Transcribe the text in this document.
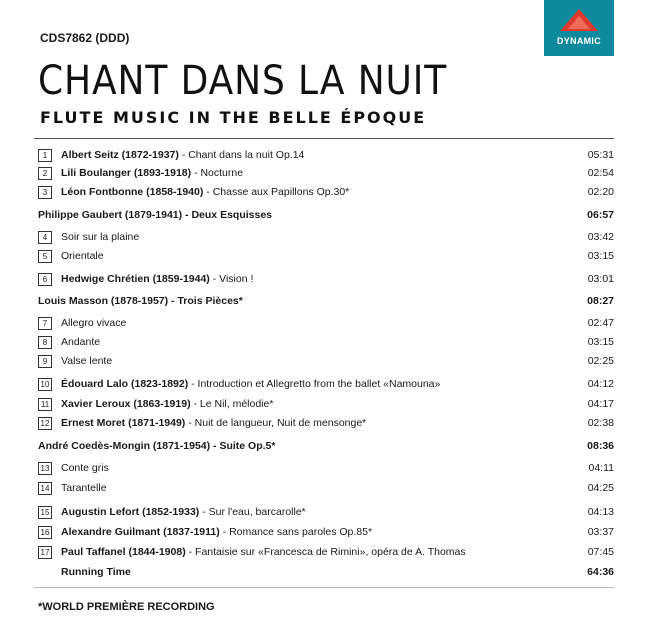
CDS7862 (DDD)	DYNAMIC
CHANT DANS LA NUIT
FLUTE MUSIC IN THE BELLE ÉPOQUE
1	Albert Seitz (1872-1937) - Chant dans la nuit Op.14	05:31
2	Lili Boulanger (1893-1918) - Nocturne	02:54
3	Léon Fontbonne (1858-1940) - Chasse aux Papillons Op.30*	02:20
Philippe Gaubert (1879-1941) - Deux Esquisses	06:57
4	Soir sur la plaine	03:42
5	Orientale	03:15
6	Hedwige Chrétien (1859-1944) - Vision !	03:01
Louis Masson (1878-1957) - Trois Pièces*	08:27
7	Allegro vivace	02:47
8	Andante	03:15
9	Valse lente	02:25
10 Édouard Lalo (1823-1892) - Introduction et Allegretto from the ballet «Namouna»	04:12
11 Xavier Leroux (1863-1919) - Le Nil, mélodie*	04:17
12 Ernest Moret (1871-1949) - Nuit de langueur, Nuit de mensonge*	02:38
André Coedès-Mongin (1871-1954) - Suite Op.5*	08:36
13 Conte gris	04:11
14 Tarantelle	04:25
15 Augustin Lefort (1852-1933) - Sur l'eau, barcarolle*	04:13
16 Alexandre Guilmant (1837-1911) - Romance sans paroles Op.85*	03:37
17 Paul Taffanel (1844-1908) - Fantaisie sur «Francesca de Rimini», opéra de A. Thomas	07:45
Running Time	64:36
*WORLD PREMIÈRE RECORDING
